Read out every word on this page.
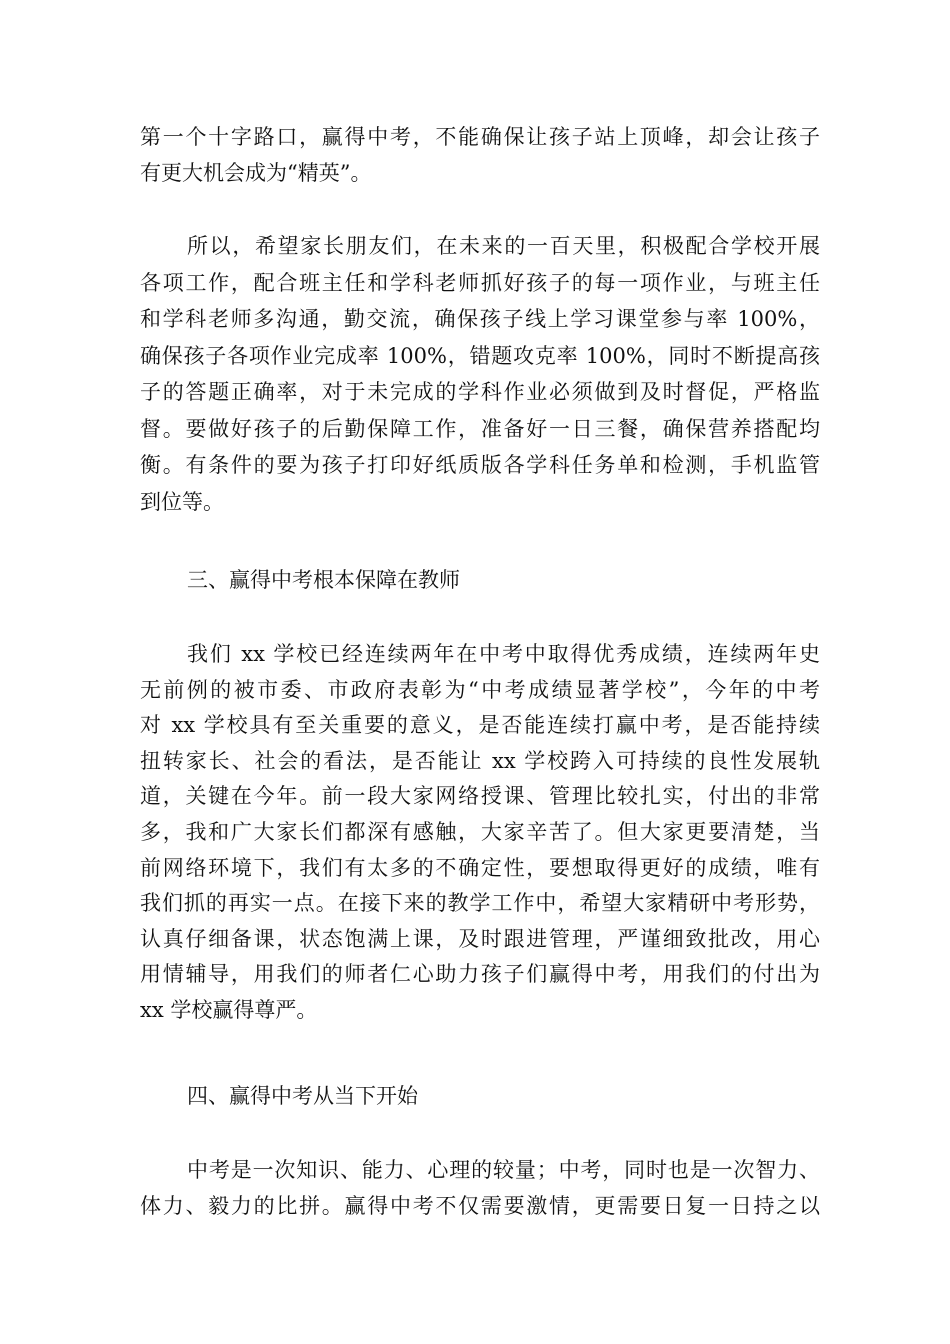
第一个十字路口，赢得中考，不能确保让孩子站上顶峰，却会让孩子
有更大机会成为“精英”。
所以，希望家长朋友们，在未来的一百天里，积极配合学校开展
各项工作，配合班主任和学科老师抓好孩子的每一项作业，与班主任
和学科老师多沟通，勤交流，确保孩子线上学习课堂参与率 100%，
确保孩子各项作业完成率 100%，错题攻克率 100%，同时不断提高孩
子的答题正确率，对于未完成的学科作业必须做到及时督促，严格监
督。要做好孩子的后勤保障工作，准备好一日三餐，确保营养搭配均
衡。有条件的要为孩子打印好纸质版各学科任务单和检测，手机监管
到位等。
三、赢得中考根本保障在教师
我们 xx 学校已经连续两年在中考中取得优秀成绩，连续两年史
无前例的被市委、市政府表彰为“中考成绩显著学校”，今年的中考
对 xx 学校具有至关重要的意义，是否能连续打赢中考，是否能持续
扭转家长、社会的看法，是否能让 xx 学校跨入可持续的良性发展轨
道，关键在今年。前一段大家网络授课、管理比较扎实，付出的非常
多，我和广大家长们都深有感触，大家辛苦了。但大家更要清楚，当
前网络环境下，我们有太多的不确定性，要想取得更好的成绩，唯有
我们抓的再实一点。在接下来的教学工作中，希望大家精研中考形势，
认真仔细备课，状态饱满上课，及时跟进管理，严谨细致批改，用心
用情辅导，用我们的师者仁心助力孩子们赢得中考，用我们的付出为
xx 学校赢得尊严。
四、赢得中考从当下开始
中考是一次知识、能力、心理的较量；中考，同时也是一次智力、
体力、毅力的比拼。赢得中考不仅需要激情，更需要日复一日持之以
